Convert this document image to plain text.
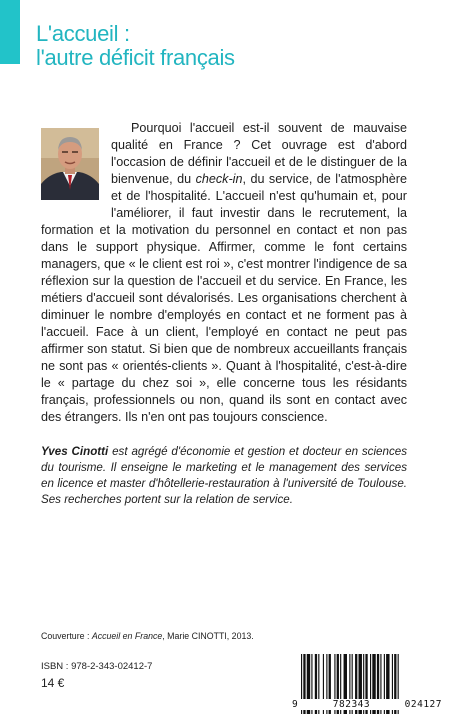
L'accueil :
l'autre déficit français

Pourquoi l'accueil est-il souvent de mauvaise qualité en France ? Cet ouvrage est d'abord l'occasion de définir l'accueil et de le distinguer de la bienvenue, du check-in, du service, de l'atmosphère et de l'hospitalité. L'accueil n'est qu'humain et, pour l'améliorer, il faut investir dans le recrutement, la formation et la motivation du personnel en contact et non pas dans le support physique. Affirmer, comme le font certains managers, que « le client est roi », c'est montrer l'indigence de sa réflexion sur la question de l'accueil et du service. En France, les métiers d'accueil sont dévalorisés. Les organisations cherchent à diminuer le nombre d'employés en contact et ne forment pas à l'accueil. Face à un client, l'employé en contact ne peut pas affirmer son statut. Si bien que de nombreux accueillants français ne sont pas « orientés-clients ». Quant à l'hospitalité, c'est-à-dire le « partage du chez soi », elle concerne tous les résidants français, professionnels ou non, quand ils sont en contact avec des étrangers. Ils n'en ont pas toujours conscience.

Yves Cinotti est agrégé d'économie et gestion et docteur en sciences du tourisme. Il enseigne le marketing et le management des services en licence et master d'hôtellerie-restauration à l'université de Toulouse. Ses recherches portent sur la relation de service.

Couverture : Accueil en France, Marie CINOTTI, 2013.
ISBN : 978-2-343-02412-7
14 €
9	782343	024127
